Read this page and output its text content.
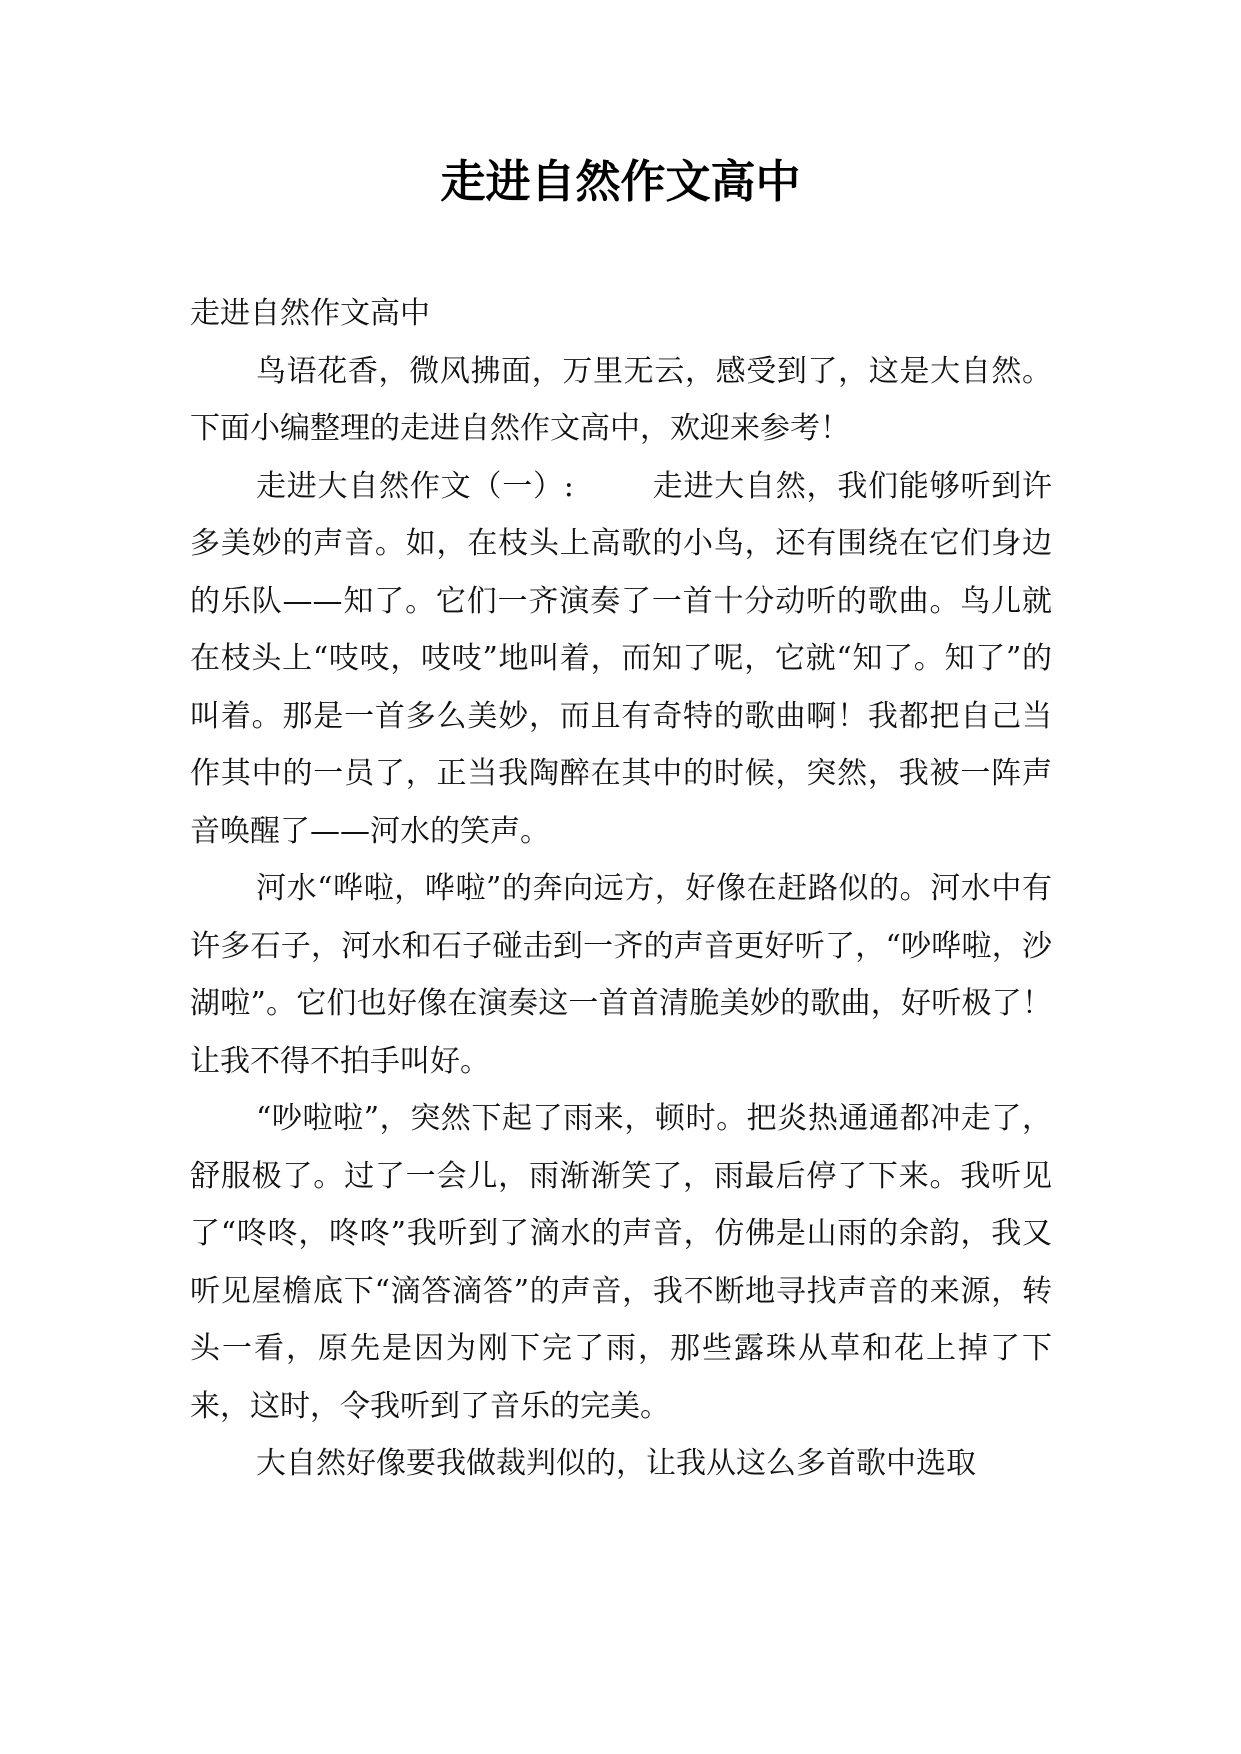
走进自然作文高中

走进自然作文高中

鸟语花香，微风拂面，万里无云，感受到了，这是大自然。下面小编整理的走进自然作文高中，欢迎来参考！

走进大自然作文（一）:	走进大自然，我们能够听到许多美妙的声音。如，在枝头上高歌的小鸟，还有围绕在它们身边的乐队——知了。它们一齐演奏了一首十分动听的歌曲。鸟儿就在枝头上“吱吱，吱吱”地叫着，而知了呢，它就“知了。知了”的叫着。那是一首多么美妙，而且有奇特的歌曲啊！我都把自己当作其中的一员了，正当我陶醉在其中的时候，突然，我被一阵声音唤醒了——河水的笑声。

河水“哗啦，哗啦”的奔向远方，好像在赶路似的。河水中有许多石子，河水和石子碰击到一齐的声音更好听了，“吵哗啦，沙湖啦”。它们也好像在演奏这一首首清脆美妙的歌曲，好听极了！让我不得不拍手叫好。

“吵啦啦”，突然下起了雨来，顿时。把炎热通通都冲走了，舒服极了。过了一会儿，雨渐渐笑了，雨最后停了下来。我听见了“咚咚，咚咚”我听到了滴水的声音，仿佛是山雨的余韵，我又听见屋檐底下“滴答滴答”的声音，我不断地寻找声音的来源，转头一看，原先是因为刚下完了雨，那些露珠从草和花上掉了下来，这时，令我听到了音乐的完美。

大自然好像要我做裁判似的，让我从这么多首歌中选取
